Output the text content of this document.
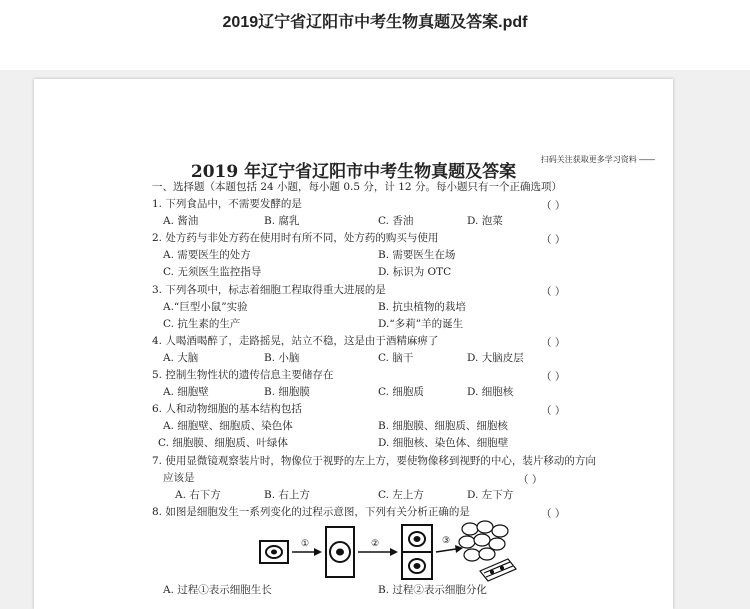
2019辽宁省辽阳市中考生物真题及答案.pdf
扫码关注获取更多学习资料 ——
2019 年辽宁省辽阳市中考生物真题及答案
一、选择题（本题包括 24 小题，每小题 0.5 分，计 12 分。每小题只有一个正确选项）
1. 下列食品中，不需要发酵的是	（ ）
A. 酱油	B. 腐乳	C. 香油	D. 泡菜
2. 处方药与非处方药在使用时有所不同，处方药的购买与使用	（ ）
A. 需要医生的处方	B. 需要医生在场
C. 无须医生监控指导	D. 标识为 OTC
3. 下列各项中，标志着细胞工程取得重大进展的是	（ ）
A.“巨型小鼠”实验	B. 抗虫植物的栽培
C. 抗生素的生产	D.“多莉”羊的诞生
4. 人喝酒喝醉了，走路摇晃，站立不稳，这是由于酒精麻痹了	（ ）
A. 大脑	B. 小脑	C. 脑干	D. 大脑皮层
5. 控制生物性状的遗传信息主要储存在	（ ）
A. 细胞壁	B. 细胞膜	C. 细胞质	D. 细胞核
6. 人和动物细胞的基本结构包括	（ ）
A. 细胞壁、细胞质、染色体	B. 细胞膜、细胞质、细胞核
C. 细胞膜、细胞质、叶绿体	D. 细胞核、染色体、细胞壁
7. 使用显微镜观察装片时，物像位于视野的左上方，要使物像移到视野的中心，装片移动的方向
应该是	（ ）
A. 右下方	B. 右上方	C. 左上方	D. 左下方
8. 如图是细胞发生一系列变化的过程示意图，下列有关分析正确的是	（ ）
①	②	③
A. 过程①表示细胞生长	B. 过程②表示细胞分化
